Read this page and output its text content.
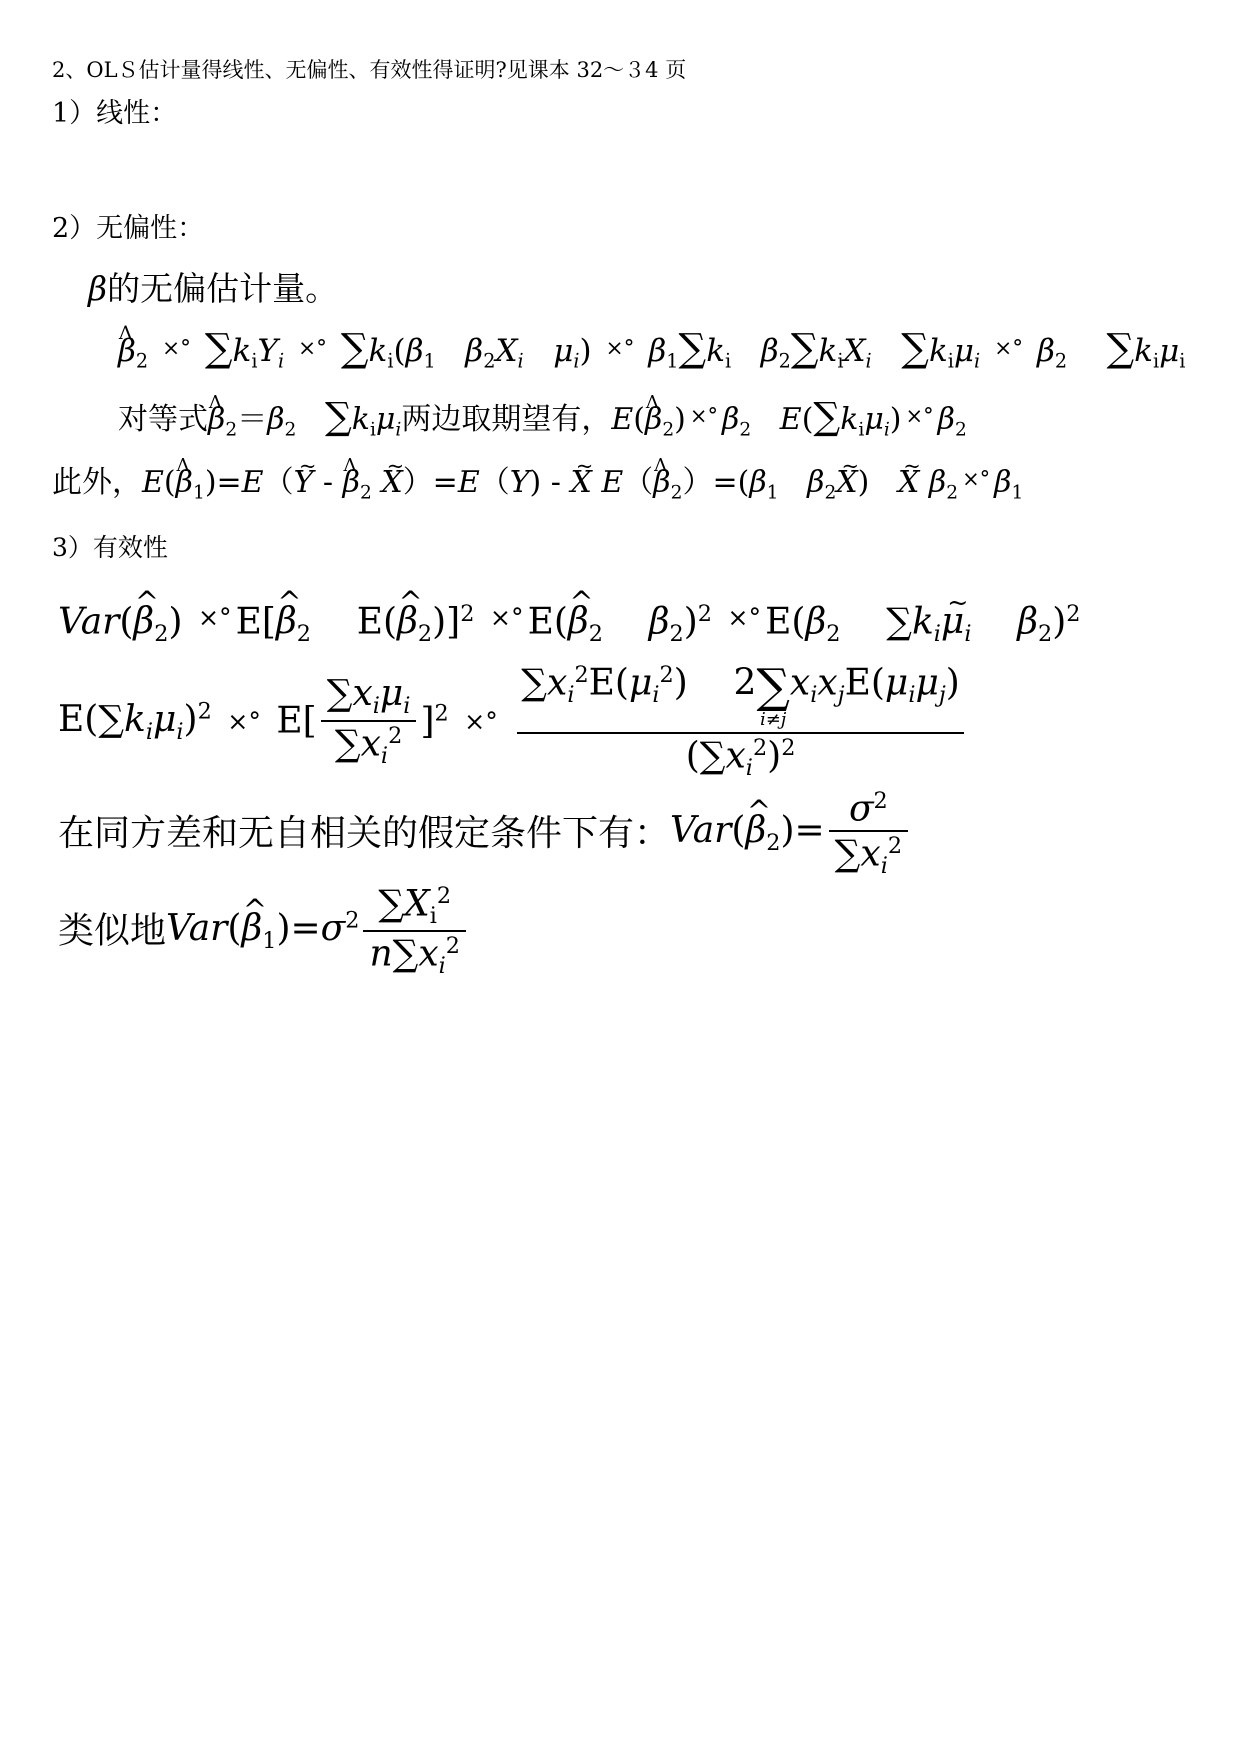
2、OLＳ估计量得线性、无偏性、有效性得证明?见课本 32～３4 页
1）线性：
2）无偏性：
β的无偏估计量。
Λ $\beta_2$ ×° $\sum k_iY_i$ ×° $\sum k_i(\beta_1$ $\beta_2X_i$ $\mu_i$) ×° $\beta_1\sum k_i$ $\beta_2\sum k_iX_i$ $\sum k_i\mu_i$ ×° $\beta_2$ $\sum k_i\mu_i$
对等式Λ $\beta_2=\beta_2$ $\sum k_i\mu_i$两边取期望有，E(Λ $\beta_2$) ×° $\beta_2$ $E(\sum k_i\mu_i)$ ×° $\beta_2$
此外，E(Λ $\beta_1)=E(Y$ ~ - Λ $\beta_2$ X ~）=E（Y) - X ~ E（Λ $\beta_2)=(\beta_1$ $\beta_2X$ ~)   X ~ $\beta_2^{\times^\circ}$ $\beta_1$
3）有效性
Var(^ $\beta_2$) ×° E[^ $\beta_2$    E(^ $\beta_2)]^2$ ×° E(^ $\beta_2$ $\beta_2)^2$ ×° $E(\beta_2$    $\sum k_i\mu$ $\sim_i$ $\beta_2)^2$
$E(\sum k_i\mu_i)^2$ ×° $E[ \frac{\sum x_i\mu_i}{\sum x_i^2} ]^2$ ×° $\sum x_i^2E(\mu_i^2)$    2 ∑
i≠j
$x_ix_jE(\mu_i\mu_j)$
$(\sum x_i^2)^2$
在同方差和无自相关的假定条件下有：Var(^ $\beta_2)= \frac{\sigma^2}{\sum x_i^2}$
类似地Var(^ $\beta_1)=\sigma^2 \frac{\sum X_i^2}{n\sum x_i^2}$
